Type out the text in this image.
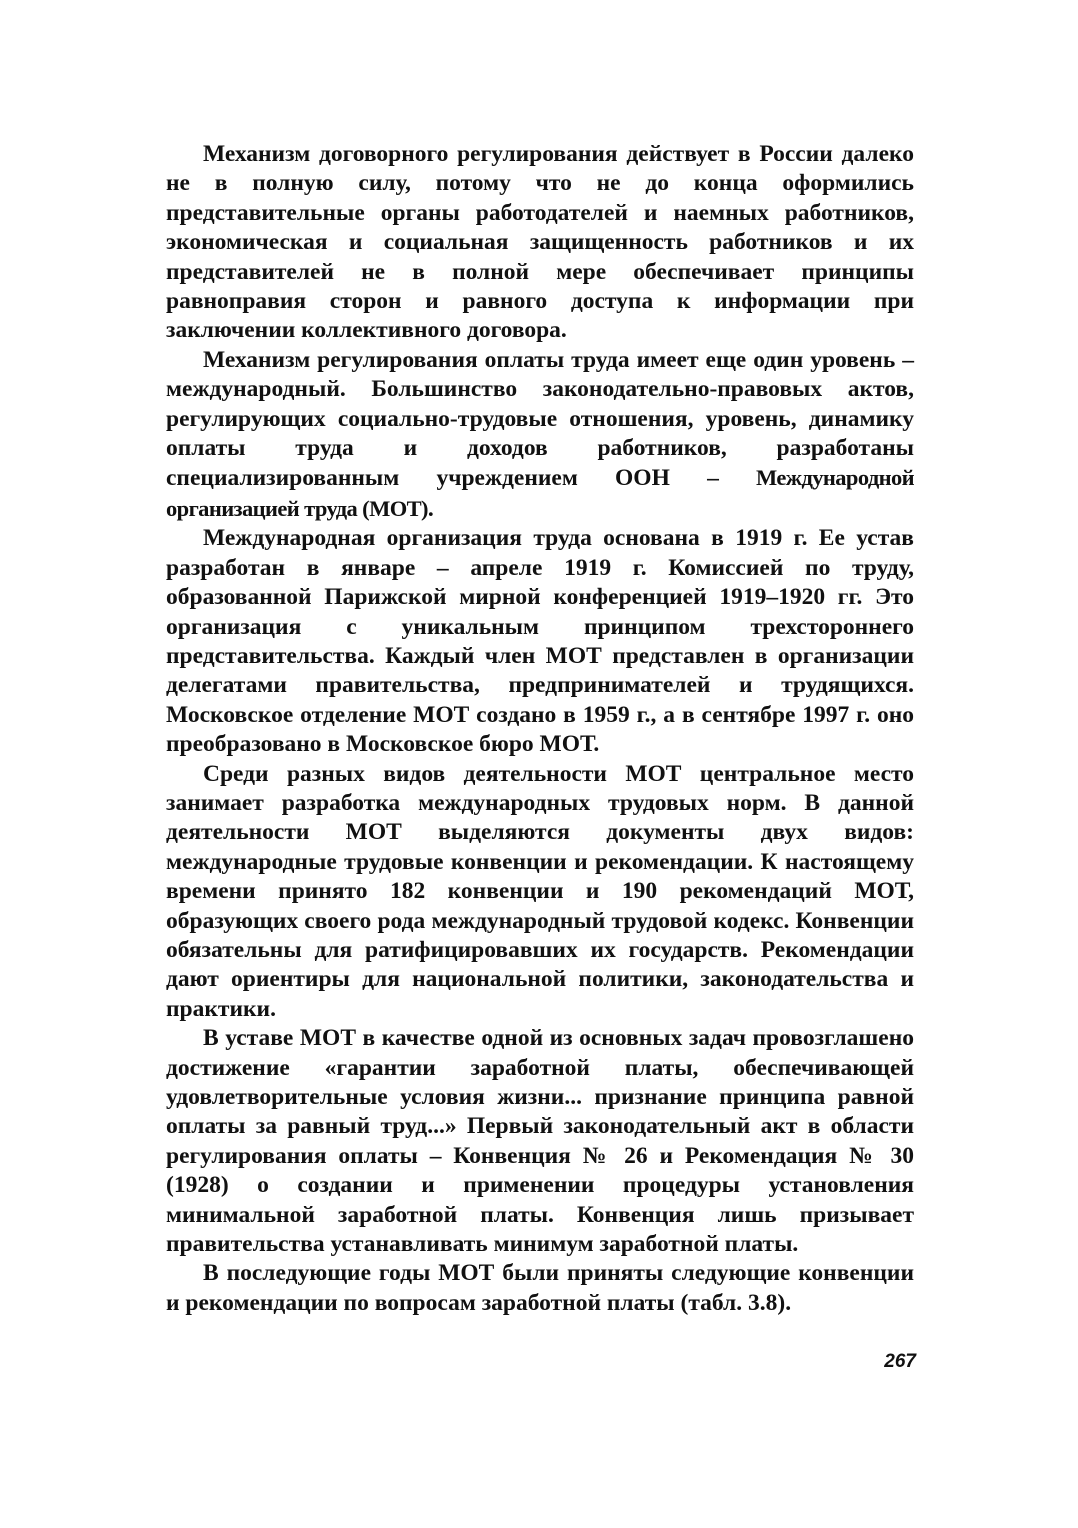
Механизм договорного регулирования действует в России далеко не в полную силу, потому что не до конца оформились представительные органы работодателей и наемных работников, экономическая и социальная защищенность работников и их представителей не в полной мере обеспечивает принципы равноправия сторон и равного доступа к информации при заключении коллективного договора.

Механизм регулирования оплаты труда имеет еще один уровень – международный. Большинство законодательно-правовых актов, регулирующих социально-трудовые отношения, уровень, динамику оплаты труда и доходов работников, разработаны специализированным учреждением ООН – Международной организацией труда (МОТ).

Международная организация труда основана в 1919 г. Ее устав разработан в январе – апреле 1919 г. Комиссией по труду, образованной Парижской мирной конференцией 1919–1920 гг. Это организация с уникальным принципом трехстороннего представительства. Каждый член МОТ представлен в организации делегатами правительства, предпринимателей и трудящихся. Московское отделение МОТ создано в 1959 г., а в сентябре 1997 г. оно преобразовано в Московское бюро МОТ.

Среди разных видов деятельности МОТ центральное место занимает разработка международных трудовых норм. В данной деятельности МОТ выделяются документы двух видов: международные трудовые конвенции и рекомендации. К настоящему времени принято 182 конвенции и 190 рекомендаций МОТ, образующих своего рода международный трудовой кодекс. Конвенции обязательны для ратифицировавших их государств. Рекомендации дают ориентиры для национальной политики, законодательства и практики.

В уставе МОТ в качестве одной из основных задач провозглашено достижение «гарантии заработной платы, обеспечивающей удовлетворительные условия жизни... признание принципа равной оплаты за равный труд...» Первый законодательный акт в области регулирования оплаты – Конвенция № 26 и Рекомендация № 30 (1928) о создании и применении процедуры установления минимальной заработной платы. Конвенция лишь призывает правительства устанавливать минимум заработной платы.

В последующие годы МОТ были приняты следующие конвенции и рекомендации по вопросам заработной платы (табл. 3.8).

267
